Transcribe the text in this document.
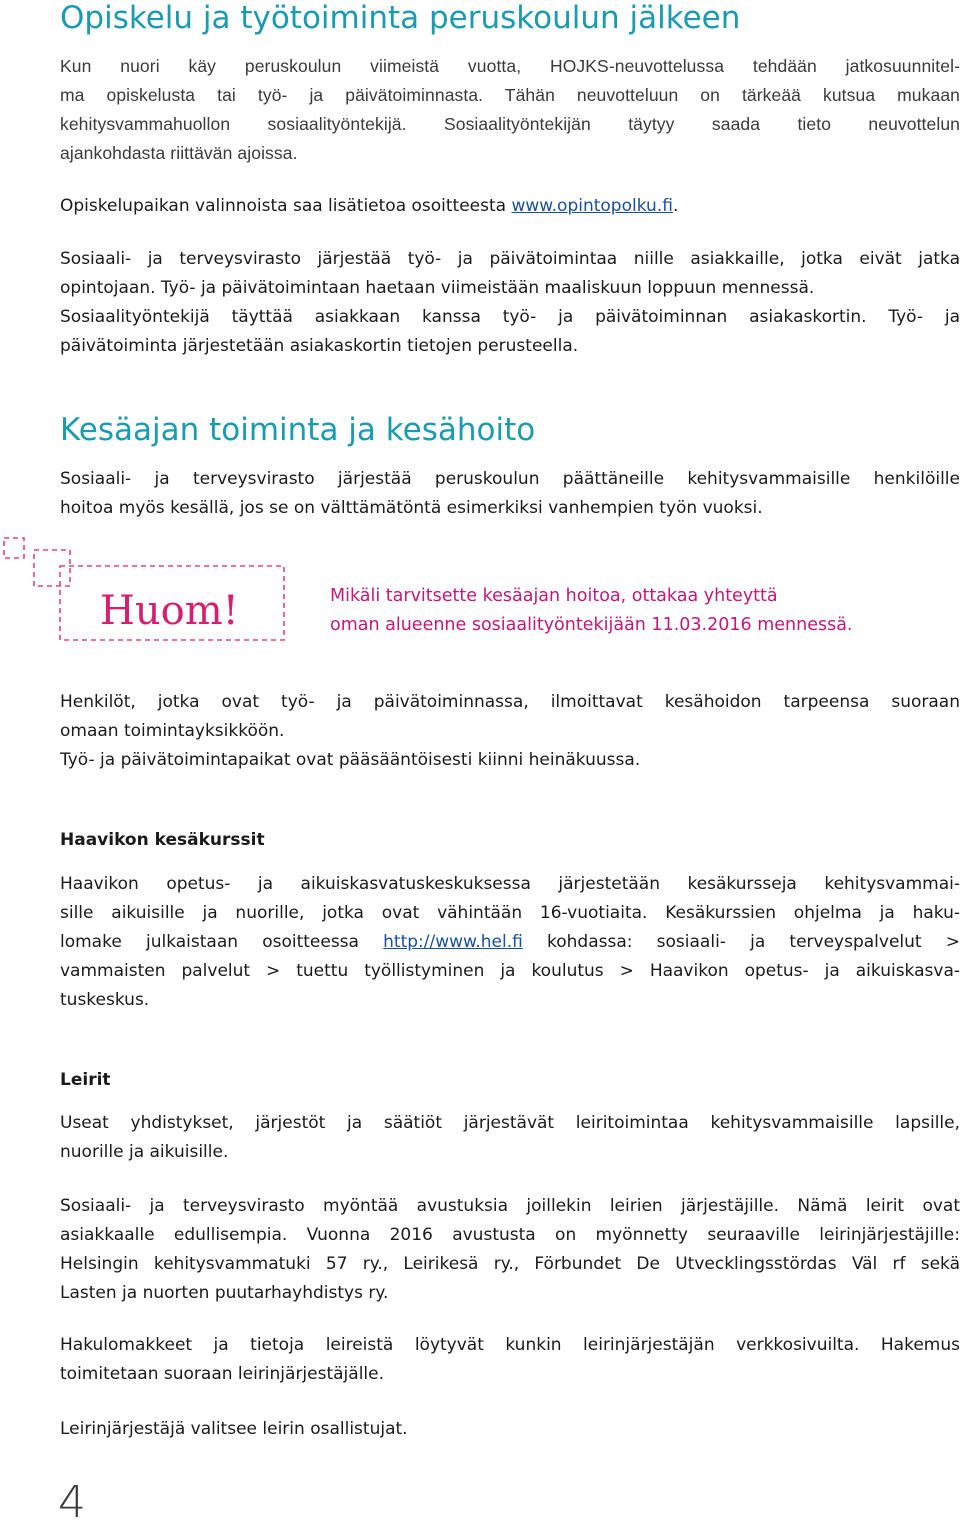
Opiskelu ja työtoiminta peruskoulun jälkeen

Kun nuori käy peruskoulun viimeistä vuotta, HOJKS-neuvottelussa tehdään jatkosuunnitel-
ma opiskelusta tai työ- ja päivätoiminnasta. Tähän neuvotteluun on tärkeää kutsua mukaan
kehitysvammahuollon sosiaalityöntekijä. Sosiaalityöntekijän täytyy saada tieto neuvottelun
ajankohdasta riittävän ajoissa.

Opiskelupaikan valinnoista saa lisätietoa osoitteesta www.opintopolku.fi.

Sosiaali- ja terveysvirasto järjestää työ- ja päivätoimintaa niille asiakkaille, jotka eivät jatka
opintojaan. Työ- ja päivätoimintaan haetaan viimeistään maaliskuun loppuun mennessä.
Sosiaalityöntekijä täyttää asiakkaan kanssa työ- ja päivätoiminnan asiakaskortin. Työ- ja
päivätoiminta järjestetään asiakaskortin tietojen perusteella.

Kesäajan toiminta ja kesähoito

Sosiaali- ja terveysvirasto järjestää peruskoulun päättäneille kehitysvammaisille henkilöille
hoitoa myös kesällä, jos se on välttämätöntä esimerkiksi vanhempien työn vuoksi.

Huom!	Mikäli tarvitsette kesäajan hoitoa, ottakaa yhteyttä
oman alueenne sosiaalityöntekijään 11.03.2016 mennessä.

Henkilöt, jotka ovat työ- ja päivätoiminnassa, ilmoittavat kesähoidon tarpeensa suoraan
omaan toimintayksikköön.
Työ- ja päivätoimintapaikat ovat pääsääntöisesti kiinni heinäkuussa.

Haavikon kesäkurssit

Haavikon opetus- ja aikuiskasvatuskeskuksessa järjestetään kesäkursseja kehitysvammai-
sille aikuisille ja nuorille, jotka ovat vähintään 16-vuotiaita. Kesäkurssien ohjelma ja haku-
lomake julkaistaan osoitteessa http://www.hel.fi kohdassa: sosiaali- ja terveyspalvelut >
vammaisten palvelut > tuettu työllistyminen ja koulutus > Haavikon opetus- ja aikuiskasva-
tuskeskus.

Leirit

Useat yhdistykset, järjestöt ja säätiöt järjestävät leiritoimintaa kehitysvammaisille lapsille,
nuorille ja aikuisille.

Sosiaali- ja terveysvirasto myöntää avustuksia joillekin leirien järjestäjille. Nämä leirit ovat
asiakkaalle edullisempia. Vuonna 2016 avustusta on myönnetty seuraaville leirinjärjestäjille:
Helsingin kehitysvammatuki 57 ry., Leirikesä ry., Förbundet De Utvecklingsstördas Väl rf sekä
Lasten ja nuorten puutarhayhdistys ry.

Hakulomakkeet ja tietoja leireistä löytyvät kunkin leirinjärjestäjän verkkosivuilta. Hakemus
toimitetaan suoraan leirinjärjestäjälle.

Leirinjärjestäjä valitsee leirin osallistujat.

4
